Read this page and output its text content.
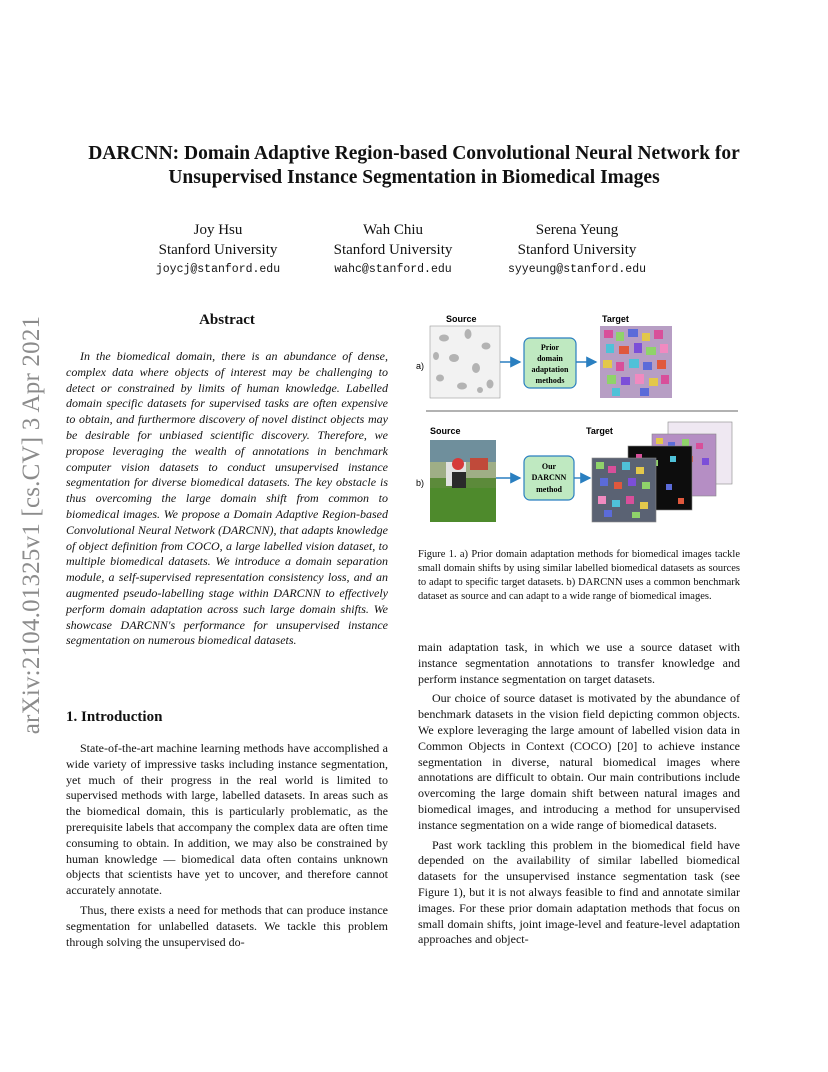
arXiv:2104.01325v1 [cs.CV] 3 Apr 2021
DARCNN: Domain Adaptive Region-based Convolutional Neural Network for
Unsupervised Instance Segmentation in Biomedical Images
Joy Hsu
Stanford University
joycj@stanford.edu
Wah Chiu
Stanford University
wahc@stanford.edu
Serena Yeung
Stanford University
syyeung@stanford.edu
Abstract
In the biomedical domain, there is an abundance of dense, complex data where objects of interest may be challenging to detect or constrained by limits of human knowledge. Labelled domain specific datasets for supervised tasks are often expensive to obtain, and furthermore discovery of novel distinct objects may be desirable for unbiased scientific discovery. Therefore, we propose leveraging the wealth of annotations in benchmark computer vision datasets to conduct unsupervised instance segmentation for diverse biomedical datasets. The key obstacle is thus overcoming the large domain shift from common to biomedical images. We propose a Domain Adaptive Region-based Convolutional Neural Network (DARCNN), that adapts knowledge of object definition from COCO, a large labelled vision dataset, to multiple biomedical datasets. We introduce a domain separation module, a self-supervised representation consistency loss, and an augmented pseudo-labelling stage within DARCNN to effectively perform domain adaptation across such large domain shifts. We showcase DARCNN's performance for unsupervised instance segmentation on numerous biomedical datasets.
1. Introduction

State-of-the-art machine learning methods have accomplished a wide variety of impressive tasks including instance segmentation, yet much of their progress in the real world is limited to supervised methods with large, labelled datasets. In areas such as the biomedical domain, this is particularly problematic, as the prerequisite labels that accompany the complex data are often time consuming to obtain. In addition, we may also be constrained by human knowledge — biomedical data often contains unknown objects that scientists have yet to uncover, and therefore cannot accurately annotate.

Thus, there exists a need for methods that can produce instance segmentation for unlabelled datasets. We tackle this problem through solving the unsupervised do-

Source	Target
a)
Prior
domain
adaptation
methods
Source	Target
b)
Our
DARCNN
method
Figure 1. a) Prior domain adaptation methods for biomedical images tackle small domain shifts by using similar labelled biomedical datasets as sources to adapt to specific target datasets. b) DARCNN uses a common benchmark dataset as source and can adapt to a wide range of biomedical images.

main adaptation task, in which we use a source dataset with instance segmentation annotations to transfer knowledge and perform instance segmentation on target datasets.

Our choice of source dataset is motivated by the abundance of benchmark datasets in the vision field depicting common objects. We explore leveraging the large amount of labelled vision data in Common Objects in Context (COCO) [20] to achieve instance segmentation in diverse, natural biomedical images where annotations are difficult to obtain. Our main contributions include overcoming the large domain shift between natural images and biomedical images, and introducing a method for unsupervised instance segmentation on a wide range of biomedical datasets.

Past work tackling this problem in the biomedical field have depended on the availability of similar labelled biomedical datasets for the unsupervised instance segmentation task (see Figure 1), but it is not always feasible to find and annotate similar images. For these prior domain adaptation methods that focus on small domain shifts, joint image-level and feature-level adaptation approaches and object-
